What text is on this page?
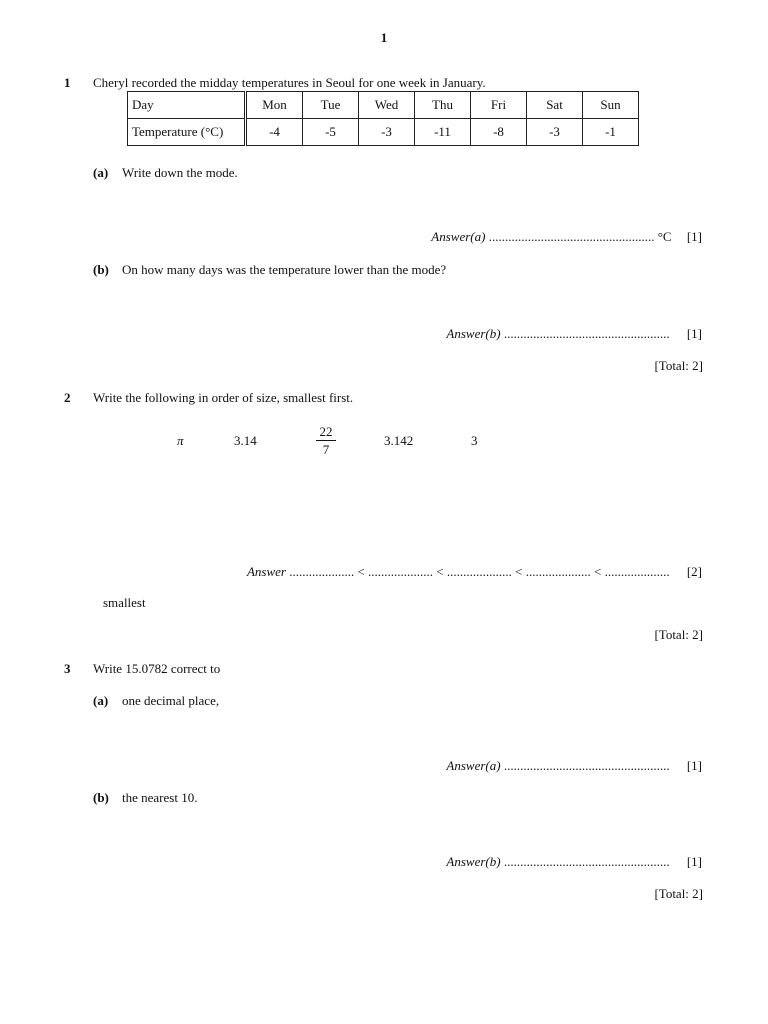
1
1 Cheryl recorded the midday temperatures in Seoul for one week in January.
Day	Mon	Tue	Wed	Thu	Fri	Sat	Sun
Temperature (°C)	-4	-5	-3	-11	-8	-3	-1
(a) Write down the mode.
Answer(a) ................................................... °C [1]
(b) On how many days was the temperature lower than the mode?
Answer(b) ................................................... [1]
[Total: 2]
2 Write the following in order of size, smallest first.
π	3.14
22
7
3.142	3
Answer .................... < .................... < .................... < .................... < .................... [2]
smallest
[Total: 2]
3 Write 15.0782 correct to
(a) one decimal place,
Answer(a) ................................................... [1]
(b) the nearest 10.
Answer(b) ................................................... [1]
[Total: 2]
